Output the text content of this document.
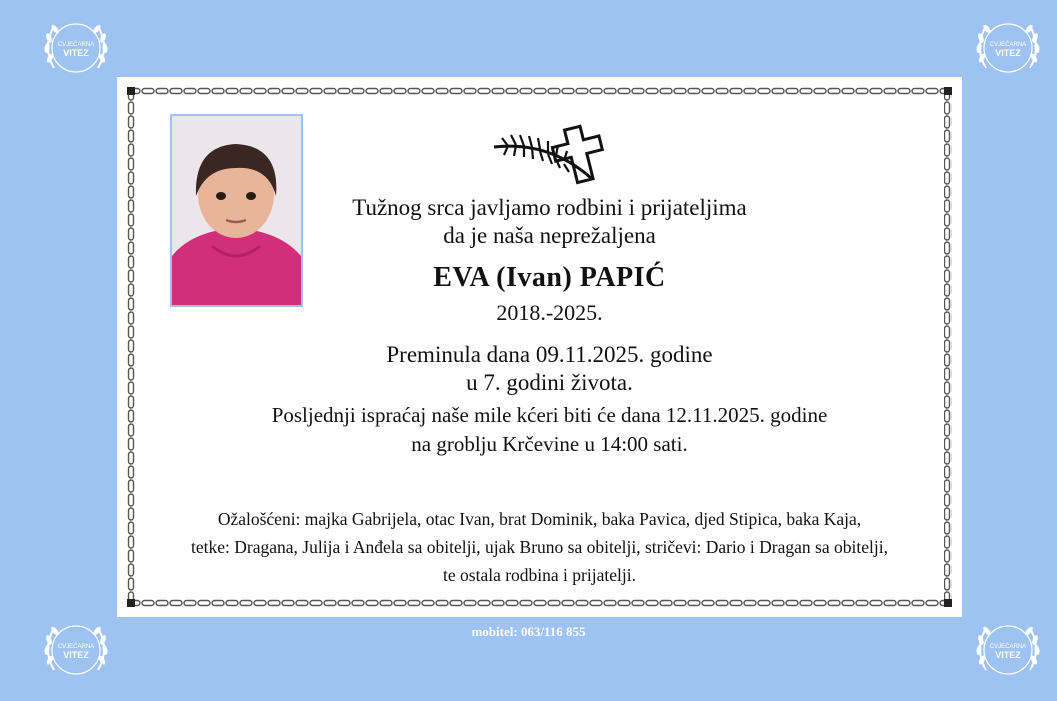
CVJEĆARNA
VITEZ
CVJEĆARNA
VITEZ
CVJEĆARNA
VITEZ
CVJEĆARNA
VITEZ
Tužnog srca javljamo rodbini i prijateljima
da je naša neprežaljena
EVA (Ivan) PAPIĆ
2018.-2025.
Preminula dana 09.11.2025. godine
u 7. godini života.
Posljednji ispraćaj naše mile kćeri biti će dana 12.11.2025. godine
na groblju Krčevine u 14:00 sati.
Ožalošćeni: majka Gabrijela, otac Ivan, brat Dominik, baka Pavica, djed Stipica, baka Kaja,
tetke: Dragana, Julija i Anđela sa obitelji, ujak Bruno sa obitelji, stričevi: Dario i Dragan sa obitelji,
te ostala rodbina i prijatelji.
mobitel: 063/116 855
